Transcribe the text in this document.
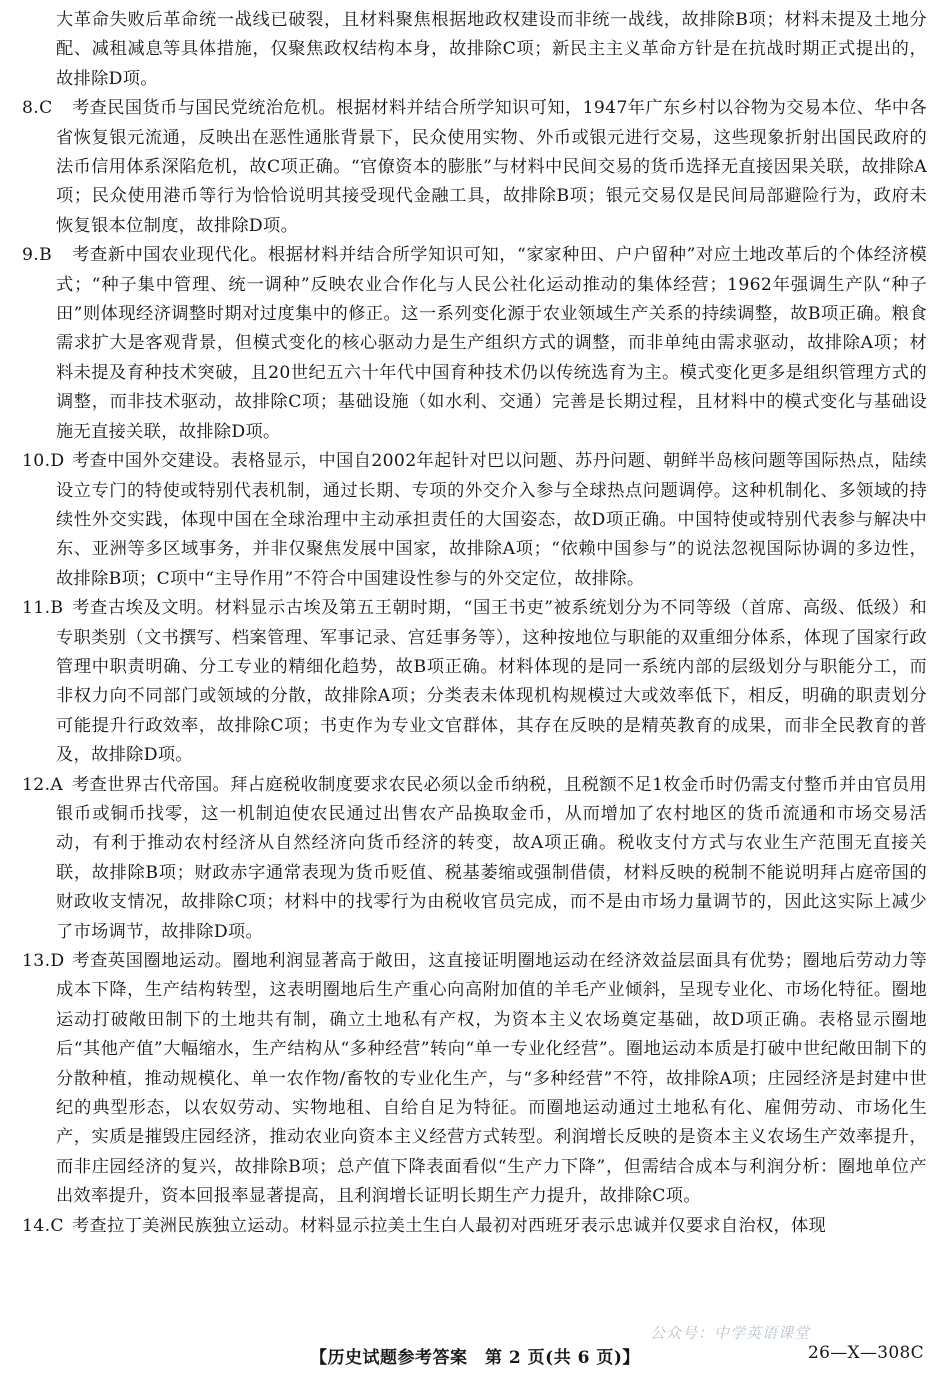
大革命失败后革命统一战线已破裂，且材料聚焦根据地政权建设而非统一战线，故排除B项；材料未提及土地分配、减租减息等具体措施，仅聚焦政权结构本身，故排除C项；新民主主义革命方针是在抗战时期正式提出的，故排除D项。

8.C 考查民国货币与国民党统治危机。根据材料并结合所学知识可知，1947年广东乡村以谷物为交易本位、华中各省恢复银元流通，反映出在恶性通胀背景下，民众使用实物、外币或银元进行交易，这些现象折射出国民政府的法币信用体系深陷危机，故C项正确。“官僚资本的膨胀”与材料中民间交易的货币选择无直接因果关联，故排除A项；民众使用港币等行为恰恰说明其接受现代金融工具，故排除B项；银元交易仅是民间局部避险行为，政府未恢复银本位制度，故排除D项。

9.B 考查新中国农业现代化。根据材料并结合所学知识可知，“家家种田、户户留种”对应土地改革后的个体经济模式；“种子集中管理、统一调种”反映农业合作化与人民公社化运动推动的集体经营；1962年强调生产队“种子田”则体现经济调整时期对过度集中的修正。这一系列变化源于农业领域生产关系的持续调整，故B项正确。粮食需求扩大是客观背景，但模式变化的核心驱动力是生产组织方式的调整，而非单纯由需求驱动，故排除A项；材料未提及育种技术突破，且20世纪五六十年代中国育种技术仍以传统选育为主。模式变化更多是组织管理方式的调整，而非技术驱动，故排除C项；基础设施（如水利、交通）完善是长期过程，且材料中的模式变化与基础设施无直接关联，故排除D项。

10.D 考查中国外交建设。表格显示，中国自2002年起针对巴以问题、苏丹问题、朝鲜半岛核问题等国际热点，陆续设立专门的特使或特别代表机制，通过长期、专项的外交介入参与全球热点问题调停。这种机制化、多领域的持续性外交实践，体现中国在全球治理中主动承担责任的大国姿态，故D项正确。中国特使或特别代表参与解决中东、亚洲等多区域事务，并非仅聚焦发展中国家，故排除A项；“依赖中国参与”的说法忽视国际协调的多边性，故排除B项；C项中“主导作用”不符合中国建设性参与的外交定位，故排除。

11.B 考查古埃及文明。材料显示古埃及第五王朝时期，“国王书吏”被系统划分为不同等级（首席、高级、低级）和专职类别（文书撰写、档案管理、军事记录、宫廷事务等），这种按地位与职能的双重细分体系，体现了国家行政管理中职责明确、分工专业的精细化趋势，故B项正确。材料体现的是同一系统内部的层级划分与职能分工，而非权力向不同部门或领域的分散，故排除A项；分类表未体现机构规模过大或效率低下，相反，明确的职责划分可能提升行政效率，故排除C项；书吏作为专业文官群体，其存在反映的是精英教育的成果，而非全民教育的普及，故排除D项。

12.A 考查世界古代帝国。拜占庭税收制度要求农民必须以金币纳税，且税额不足1枚金币时仍需支付整币并由官员用银币或铜币找零，这一机制迫使农民通过出售农产品换取金币，从而增加了农村地区的货币流通和市场交易活动，有利于推动农村经济从自然经济向货币经济的转变，故A项正确。税收支付方式与农业生产范围无直接关联，故排除B项；财政赤字通常表现为货币贬值、税基萎缩或强制借债，材料反映的税制不能说明拜占庭帝国的财政收支情况，故排除C项；材料中的找零行为由税收官员完成，而不是由市场力量调节的，因此这实际上减少了市场调节，故排除D项。

13.D 考查英国圈地运动。圈地利润显著高于敞田，这直接证明圈地运动在经济效益层面具有优势；圈地后劳动力等成本下降，生产结构转型，这表明圈地后生产重心向高附加值的羊毛产业倾斜，呈现专业化、市场化特征。圈地运动打破敞田制下的土地共有制，确立土地私有产权，为资本主义农场奠定基础，故D项正确。表格显示圈地后“其他产值”大幅缩水，生产结构从“多种经营”转向“单一专业化经营”。圈地运动本质是打破中世纪敞田制下的分散种植，推动规模化、单一农作物/畜牧的专业化生产，与“多种经营”不符，故排除A项；庄园经济是封建中世纪的典型形态，以农奴劳动、实物地租、自给自足为特征。而圈地运动通过土地私有化、雇佣劳动、市场化生产，实质是摧毁庄园经济，推动农业向资本主义经营方式转型。利润增长反映的是资本主义农场生产效率提升，而非庄园经济的复兴，故排除B项；总产值下降表面看似“生产力下降”，但需结合成本与利润分析：圈地单位产出效率提升，资本回报率显著提高，且利润增长证明长期生产力提升，故排除C项。

14.C 考查拉丁美洲民族独立运动。材料显示拉美土生白人最初对西班牙表示忠诚并仅要求自治权，体现

公众号：中学英语课堂
【历史试题参考答案　第 2 页(共 6 页)】	26—X—308C
